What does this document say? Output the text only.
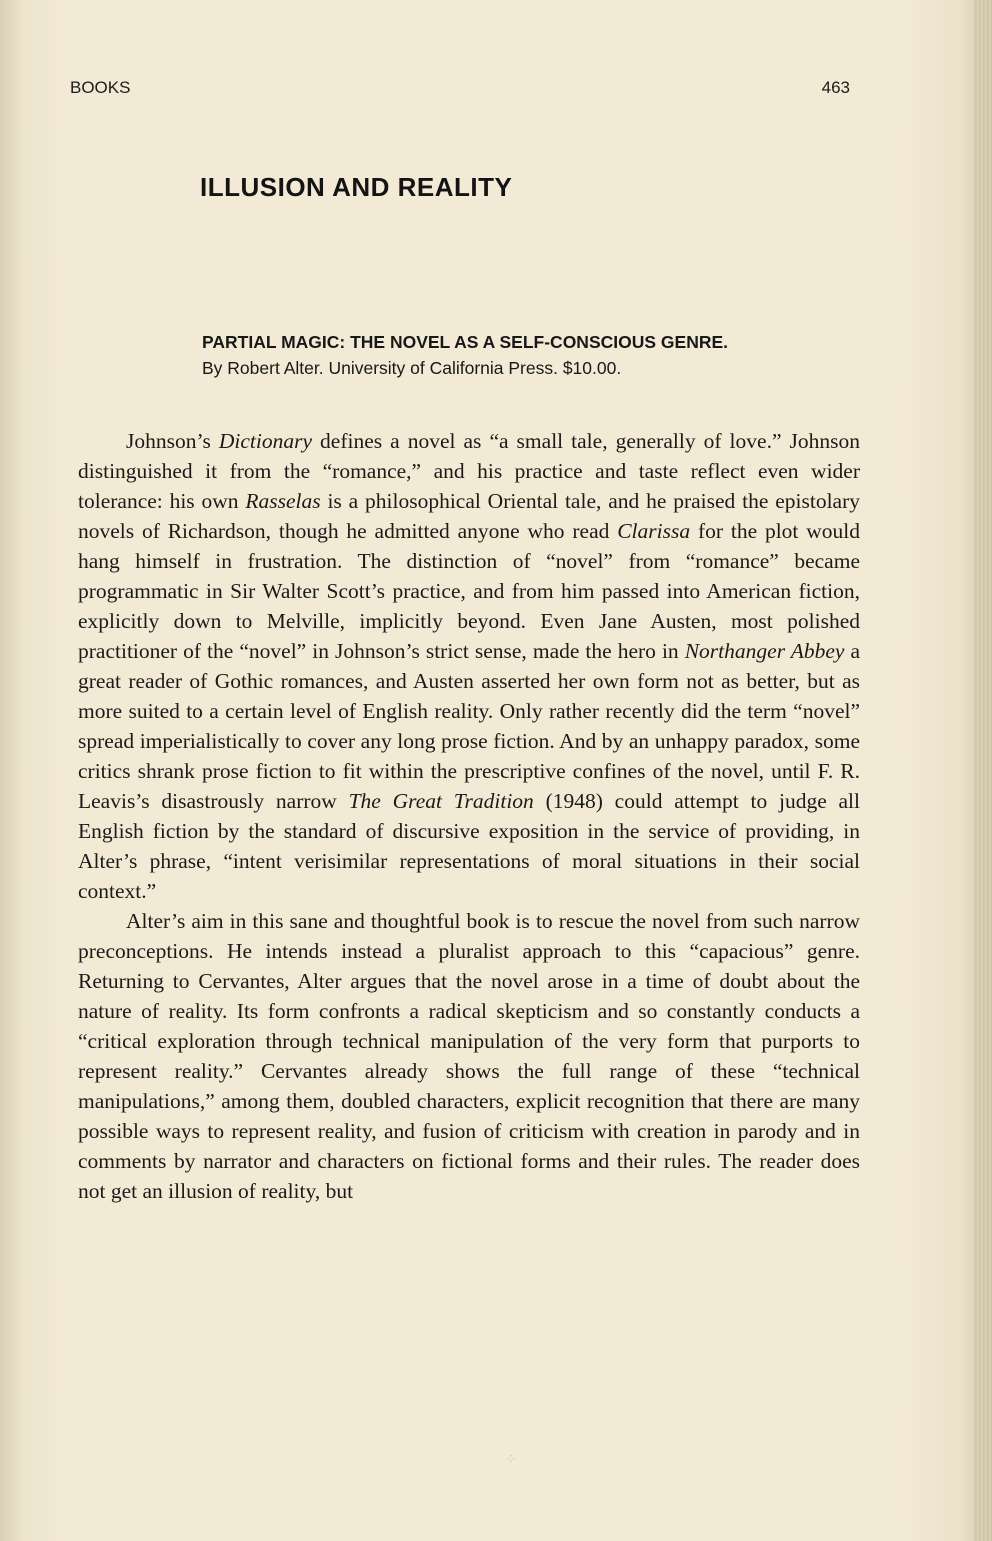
BOOKS	463
ILLUSION AND REALITY
PARTIAL MAGIC: THE NOVEL AS A SELF-CONSCIOUS GENRE.
By Robert Alter. University of California Press. $10.00.

Johnson’s Dictionary defines a novel as “a small tale, generally of love.” Johnson distinguished it from the “romance,” and his practice and taste reflect even wider tolerance: his own Rasselas is a philosophical Oriental tale, and he praised the epistolary novels of Richardson, though he admitted anyone who read Clarissa for the plot would hang himself in frustration. The distinction of “novel” from “romance” became programmatic in Sir Walter Scott’s practice, and from him passed into American fiction, explicitly down to Melville, implicitly beyond. Even Jane Austen, most polished practitioner of the “novel” in Johnson’s strict sense, made the hero in Northanger Abbey a great reader of Gothic romances, and Austen asserted her own form not as better, but as more suited to a certain level of English reality. Only rather recently did the term “novel” spread imperialistically to cover any long prose fiction. And by an unhappy paradox, some critics shrank prose fiction to fit within the prescriptive confines of the novel, until F. R. Leavis’s disastrously narrow The Great Tradition (1948) could attempt to judge all English fiction by the standard of discursive exposition in the service of providing, in Alter’s phrase, “intent verisimilar representations of moral situations in their social context.”

Alter’s aim in this sane and thoughtful book is to rescue the novel from such narrow preconceptions. He intends instead a pluralist approach to this “capacious” genre. Returning to Cervantes, Alter argues that the novel arose in a time of doubt about the nature of reality. Its form confronts a radical skepticism and so constantly conducts a “critical exploration through technical manipulation of the very form that purports to represent reality.” Cervantes already shows the full range of these “technical manipulations,” among them, doubled characters, explicit recognition that there are many possible ways to represent reality, and fusion of criticism with creation in parody and in comments by narrator and characters on fictional forms and their rules. The reader does not get an illusion of reality, but

⁘
